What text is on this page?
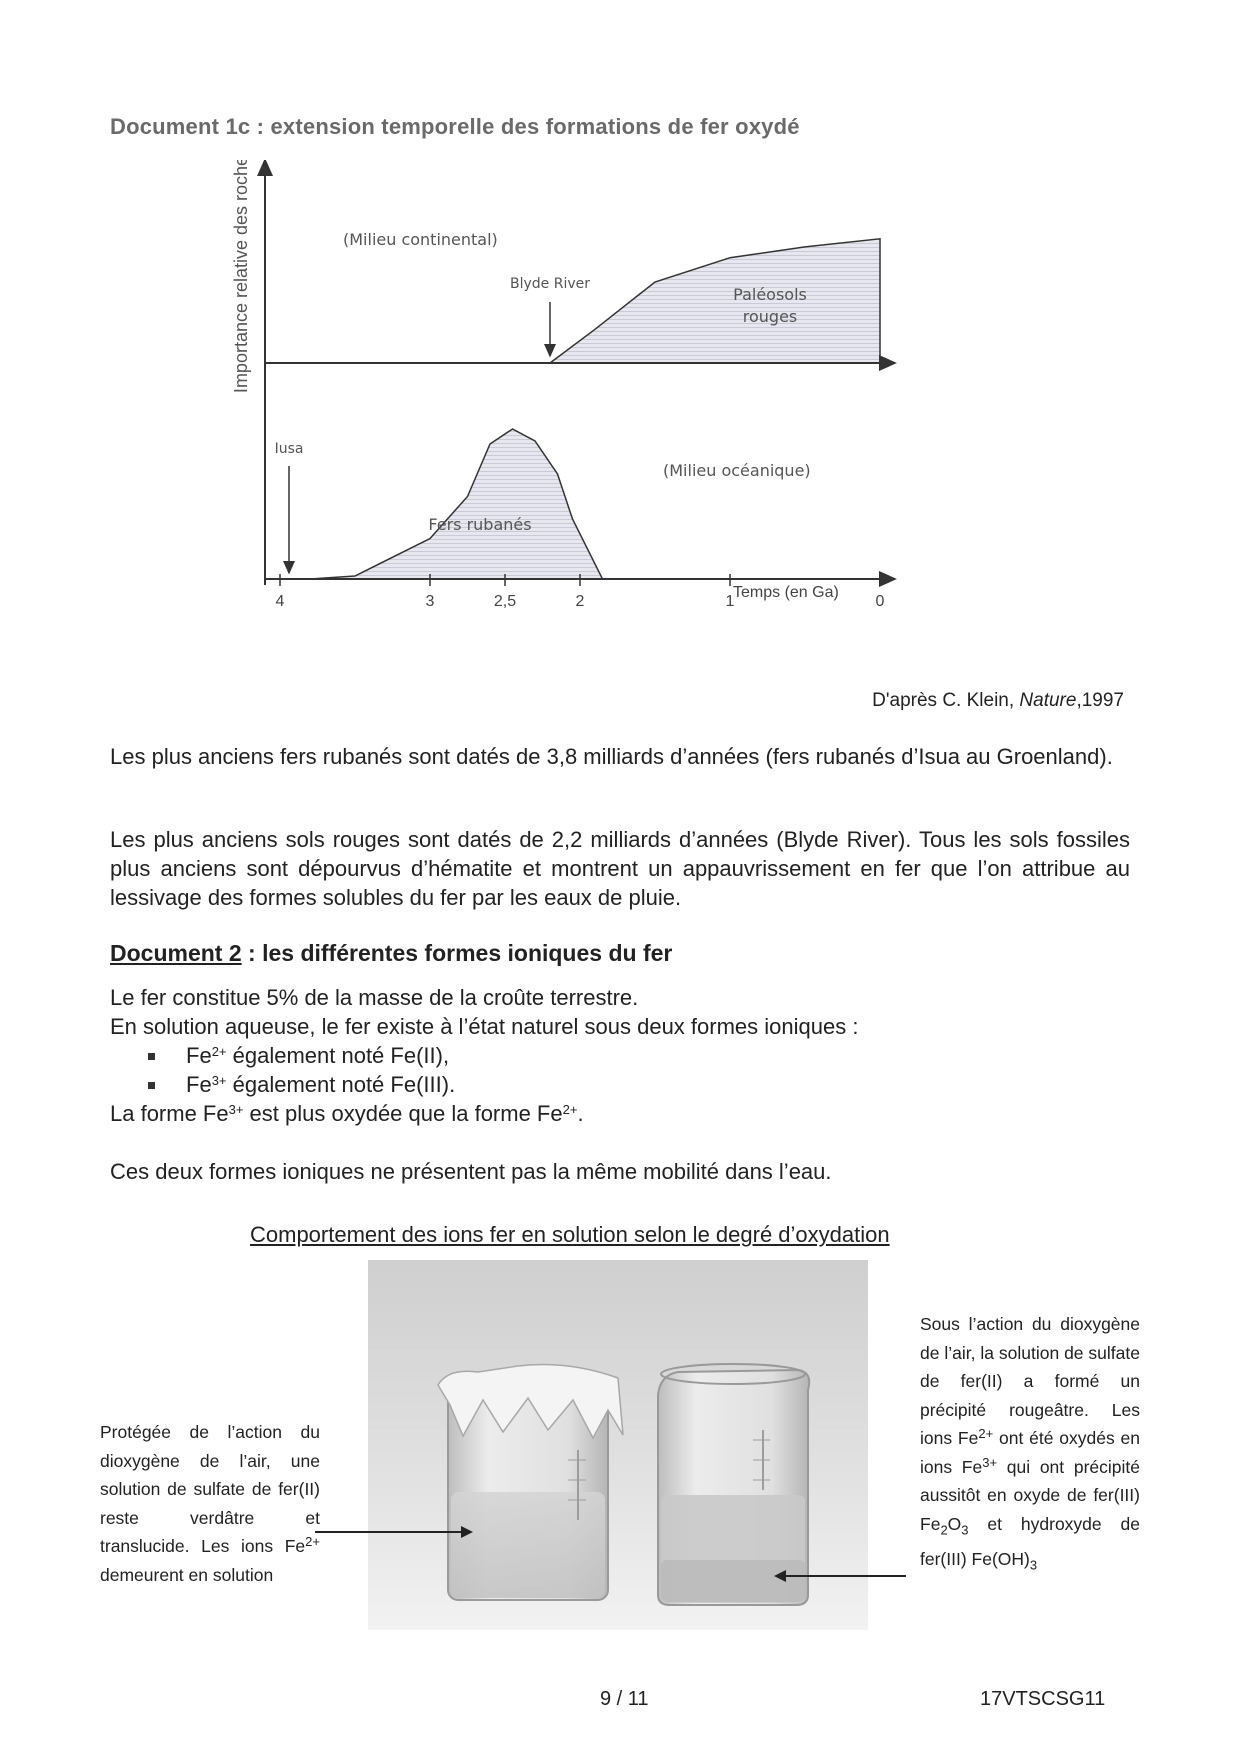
Document 1c : extension temporelle des formations de fer oxydé
Importance relative des roches
4	3	2,5	2	1	0
Temps (en Ga)
(Milieu continental)
(Milieu océanique)
Paléosols
rouges
Fers rubanés
Blyde River
Iusa
D'après C. Klein, Nature,1997
Les plus anciens fers rubanés sont datés de 3,8 milliards d’années (fers rubanés d’Isua au Groenland).
Les plus anciens sols rouges sont datés de 2,2 milliards d’années (Blyde River). Tous les sols fossiles plus anciens sont dépourvus d’hématite et montrent un appauvrissement en fer que l’on attribue au lessivage des formes solubles du fer par les eaux de pluie.
Document 2 : les différentes formes ioniques du fer
Le fer constitue 5% de la masse de la croûte terrestre.
En solution aqueuse, le fer existe à l’état naturel sous deux formes ioniques :
$Fe^{2+}$ également noté Fe(II),
$Fe^{3+}$ également noté Fe(III).
La forme $Fe^{3+}$ est plus oxydée que la forme $Fe^{2+}$.
Ces deux formes ioniques ne présentent pas la même mobilité dans l’eau.
Comportement des ions fer en solution selon le degré d’oxydation
Protégée de l’action du dioxygène de l’air, une solution de sulfate de fer(II) reste verdâtre et translucide. Les ions $Fe^{2+}$ demeurent en solution
Sous l’action du dioxygène de l’air, la solution de sulfate de fer(II) a formé un précipité rougeâtre. Les ions $Fe^{2+}$ ont été oxydés en ions $Fe^{3+}$ qui ont précipité aussitôt en oxyde de fer(III) $Fe_2O_3$ et hydroxyde de fer(III) $Fe(OH)_3$
9 / 11	17VTSCSG11
